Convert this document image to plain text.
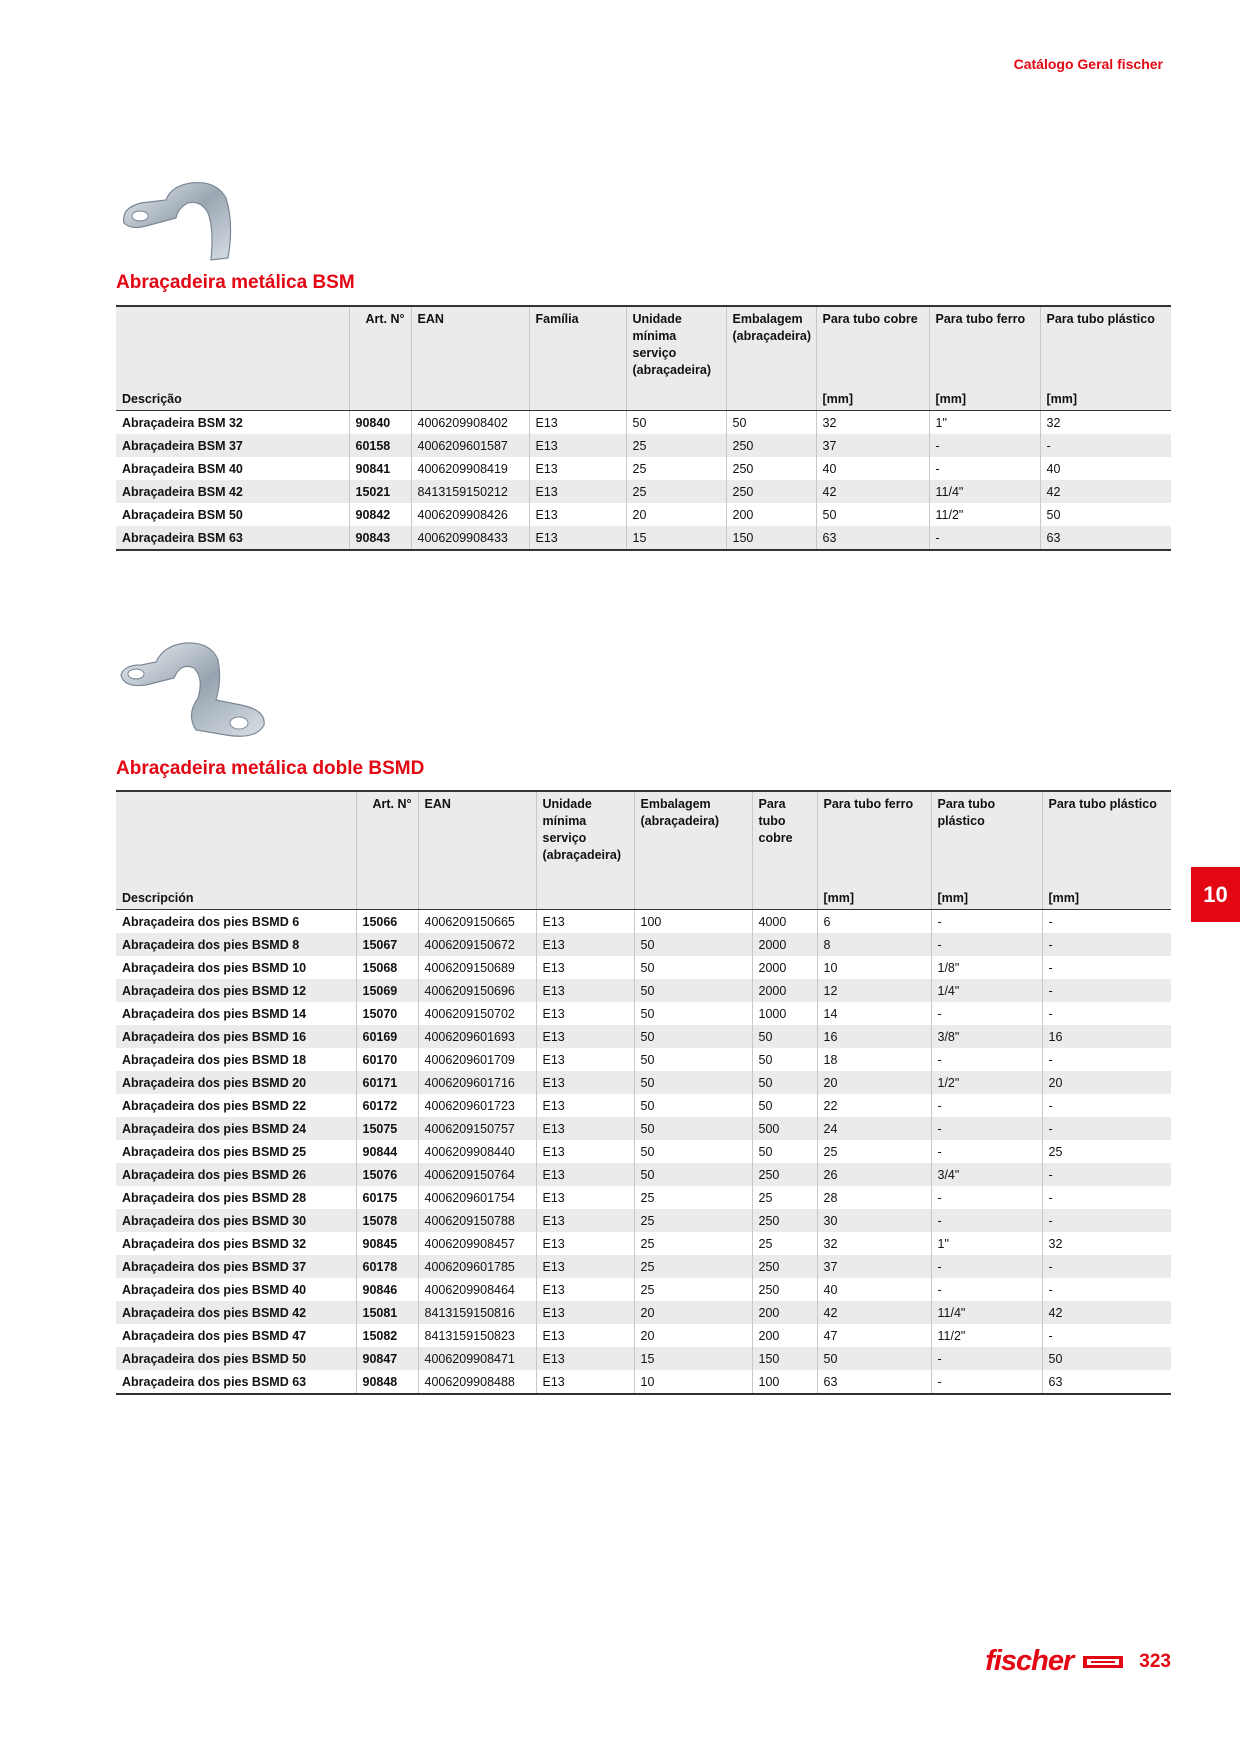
Catálogo Geral fischer
Abraçadeira metálica BSM
	Art. N°	EAN	Família	Unidade mínima serviço (abraçadeira)	Embalagem (abraçadeira)	Para tubo cobre	Para tubo ferro	Para tubo plástico
Descrição						[mm]	[mm]	[mm]
Abraçadeira BSM 32	90840	4006209908402	E13	50	50	32	1"	32
Abraçadeira BSM 37	60158	4006209601587	E13	25	250	37	-	-
Abraçadeira BSM 40	90841	4006209908419	E13	25	250	40	-	40
Abraçadeira BSM 42	15021	8413159150212	E13	25	250	42	11/4"	42
Abraçadeira BSM 50	90842	4006209908426	E13	20	200	50	11/2"	50
Abraçadeira BSM 63	90843	4006209908433	E13	15	150	63	-	63
Abraçadeira metálica doble BSMD
	Art. N°	EAN	Unidade mínima serviço (abraçadeira)	Embalagem (abraçadeira)	Para tubo cobre	Para tubo ferro	Para tubo plástico	Para tubo plástico
Descripción						[mm]	[mm]	[mm]
Abraçadeira dos pies BSMD 6	15066	4006209150665	E13	100	4000	6	-	-
Abraçadeira dos pies BSMD 8	15067	4006209150672	E13	50	2000	8	-	-
Abraçadeira dos pies BSMD 10	15068	4006209150689	E13	50	2000	10	1/8"	-
Abraçadeira dos pies BSMD 12	15069	4006209150696	E13	50	2000	12	1/4"	-
Abraçadeira dos pies BSMD 14	15070	4006209150702	E13	50	1000	14	-	-
Abraçadeira dos pies BSMD 16	60169	4006209601693	E13	50	50	16	3/8"	16
Abraçadeira dos pies BSMD 18	60170	4006209601709	E13	50	50	18	-	-
Abraçadeira dos pies BSMD 20	60171	4006209601716	E13	50	50	20	1/2"	20
Abraçadeira dos pies BSMD 22	60172	4006209601723	E13	50	50	22	-	-
Abraçadeira dos pies BSMD 24	15075	4006209150757	E13	50	500	24	-	-
Abraçadeira dos pies BSMD 25	90844	4006209908440	E13	50	50	25	-	25
Abraçadeira dos pies BSMD 26	15076	4006209150764	E13	50	250	26	3/4"	-
Abraçadeira dos pies BSMD 28	60175	4006209601754	E13	25	25	28	-	-
Abraçadeira dos pies BSMD 30	15078	4006209150788	E13	25	250	30	-	-
Abraçadeira dos pies BSMD 32	90845	4006209908457	E13	25	25	32	1"	32
Abraçadeira dos pies BSMD 37	60178	4006209601785	E13	25	250	37	-	-
Abraçadeira dos pies BSMD 40	90846	4006209908464	E13	25	250	40	-	-
Abraçadeira dos pies BSMD 42	15081	8413159150816	E13	20	200	42	11/4"	42
Abraçadeira dos pies BSMD 47	15082	8413159150823	E13	20	200	47	11/2"	-
Abraçadeira dos pies BSMD 50	90847	4006209908471	E13	15	150	50	-	50
Abraçadeira dos pies BSMD 63	90848	4006209908488	E13	10	100	63	-	63
10
fischer	323
